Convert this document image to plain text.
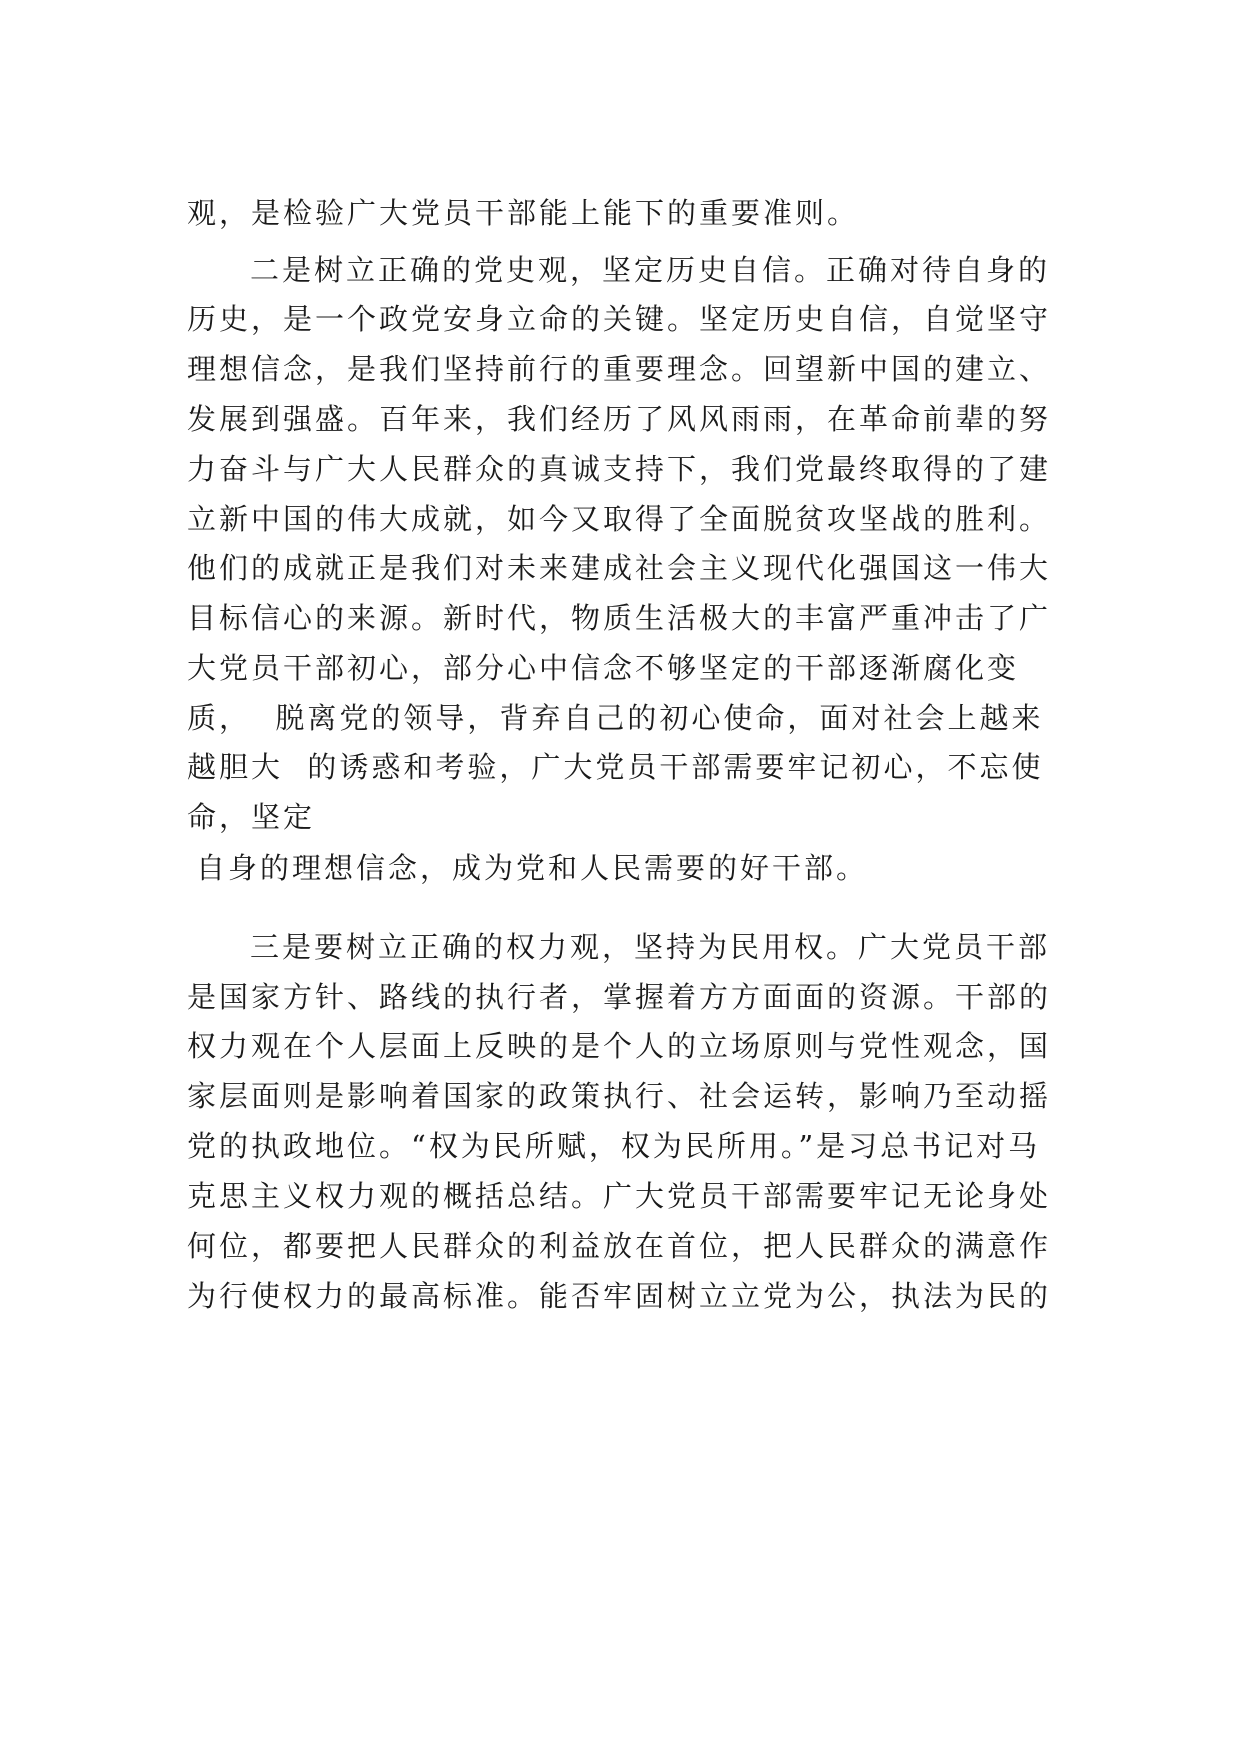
观，是检验广大党员干部能上能下的重要准则。
二是树立正确的党史观，坚定历史自信。正确对待自身的
历史，是一个政党安身立命的关键。坚定历史自信，自觉坚守
理想信念，是我们坚持前行的重要理念。回望新中国的建立、
发展到强盛。百年来，我们经历了风风雨雨，在革命前辈的努
力奋斗与广大人民群众的真诚支持下，我们党最终取得的了建
立新中国的伟大成就，如今又取得了全面脱贫攻坚战的胜利。
他们的成就正是我们对未来建成社会主义现代化强国这一伟大
目标信心的来源。新时代，物质生活极大的丰富严重冲击了广
大党员干部初心，部分心中信念不够坚定的干部逐渐腐化变
质，  脱离党的领导，背弃自己的初心使命，面对社会上越来
越胆大  的诱惑和考验，广大党员干部需要牢记初心，不忘使
命，坚定
自身的理想信念，成为党和人民需要的好干部。
三是要树立正确的权力观，坚持为民用权。广大党员干部
是国家方针、路线的执行者，掌握着方方面面的资源。干部的
权力观在个人层面上反映的是个人的立场原则与党性观念，国
家层面则是影响着国家的政策执行、社会运转，影响乃至动摇
党的执政地位。“权为民所赋，权为民所用。”是习总书记对马
克思主义权力观的概括总结。广大党员干部需要牢记无论身处
何位，都要把人民群众的利益放在首位，把人民群众的满意作
为行使权力的最高标准。能否牢固树立立党为公，执法为民的
